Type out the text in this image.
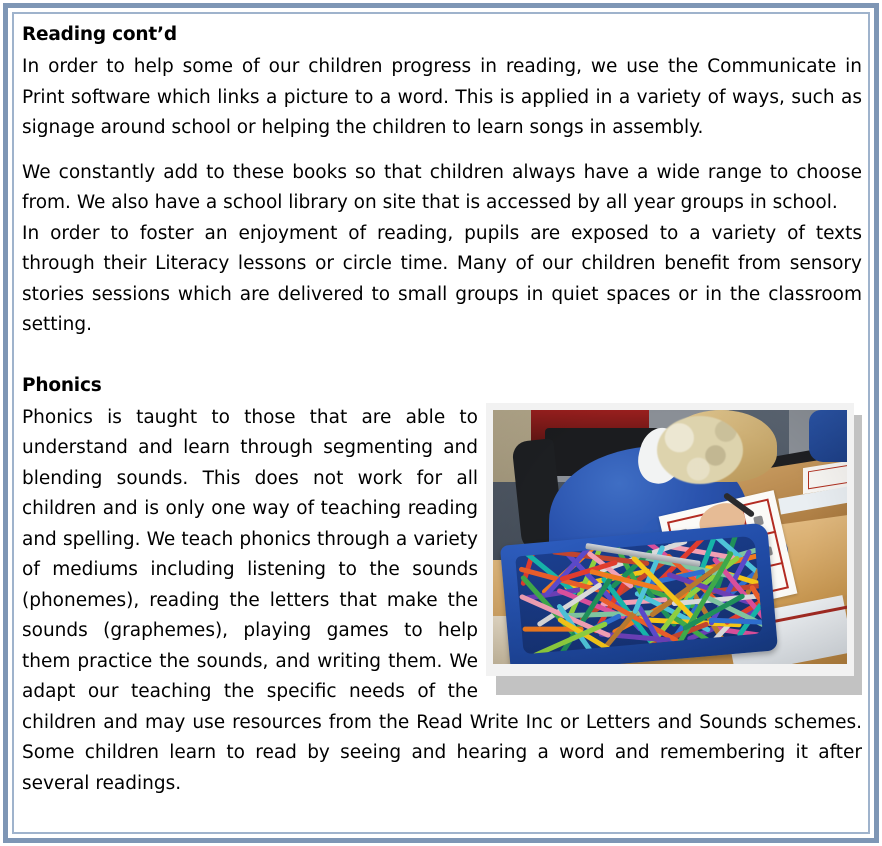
Reading cont’d

In order to help some of our children progress in reading, we use the Communicate in Print software which links a picture to a word. This is applied in a variety of ways, such as signage around school or helping the children to learn songs in assembly.

We constantly add to these books so that children always have a wide range to choose from. We also have a school library on site that is accessed by all year groups in school.

In order to foster an enjoyment of reading, pupils are exposed to a variety of texts through their Literacy lessons or circle time. Many of our children benefit from sensory stories sessions which are delivered to small groups in quiet spaces or in the classroom setting.

Phonics

Phonics is taught to those that are able to understand and learn through segmenting and blending sounds. This does not work for all children and is only one way of teaching reading and spelling. We teach phonics through a variety of mediums including listening to the sounds (phonemes), reading the letters that make the sounds (graphemes), playing games to help them practice the sounds, and writing them. We adapt our teaching the specific needs of the children and may use resources from the Read Write Inc or Letters and Sounds schemes. Some children learn to read by seeing and hearing a word and remembering it after several readings.
